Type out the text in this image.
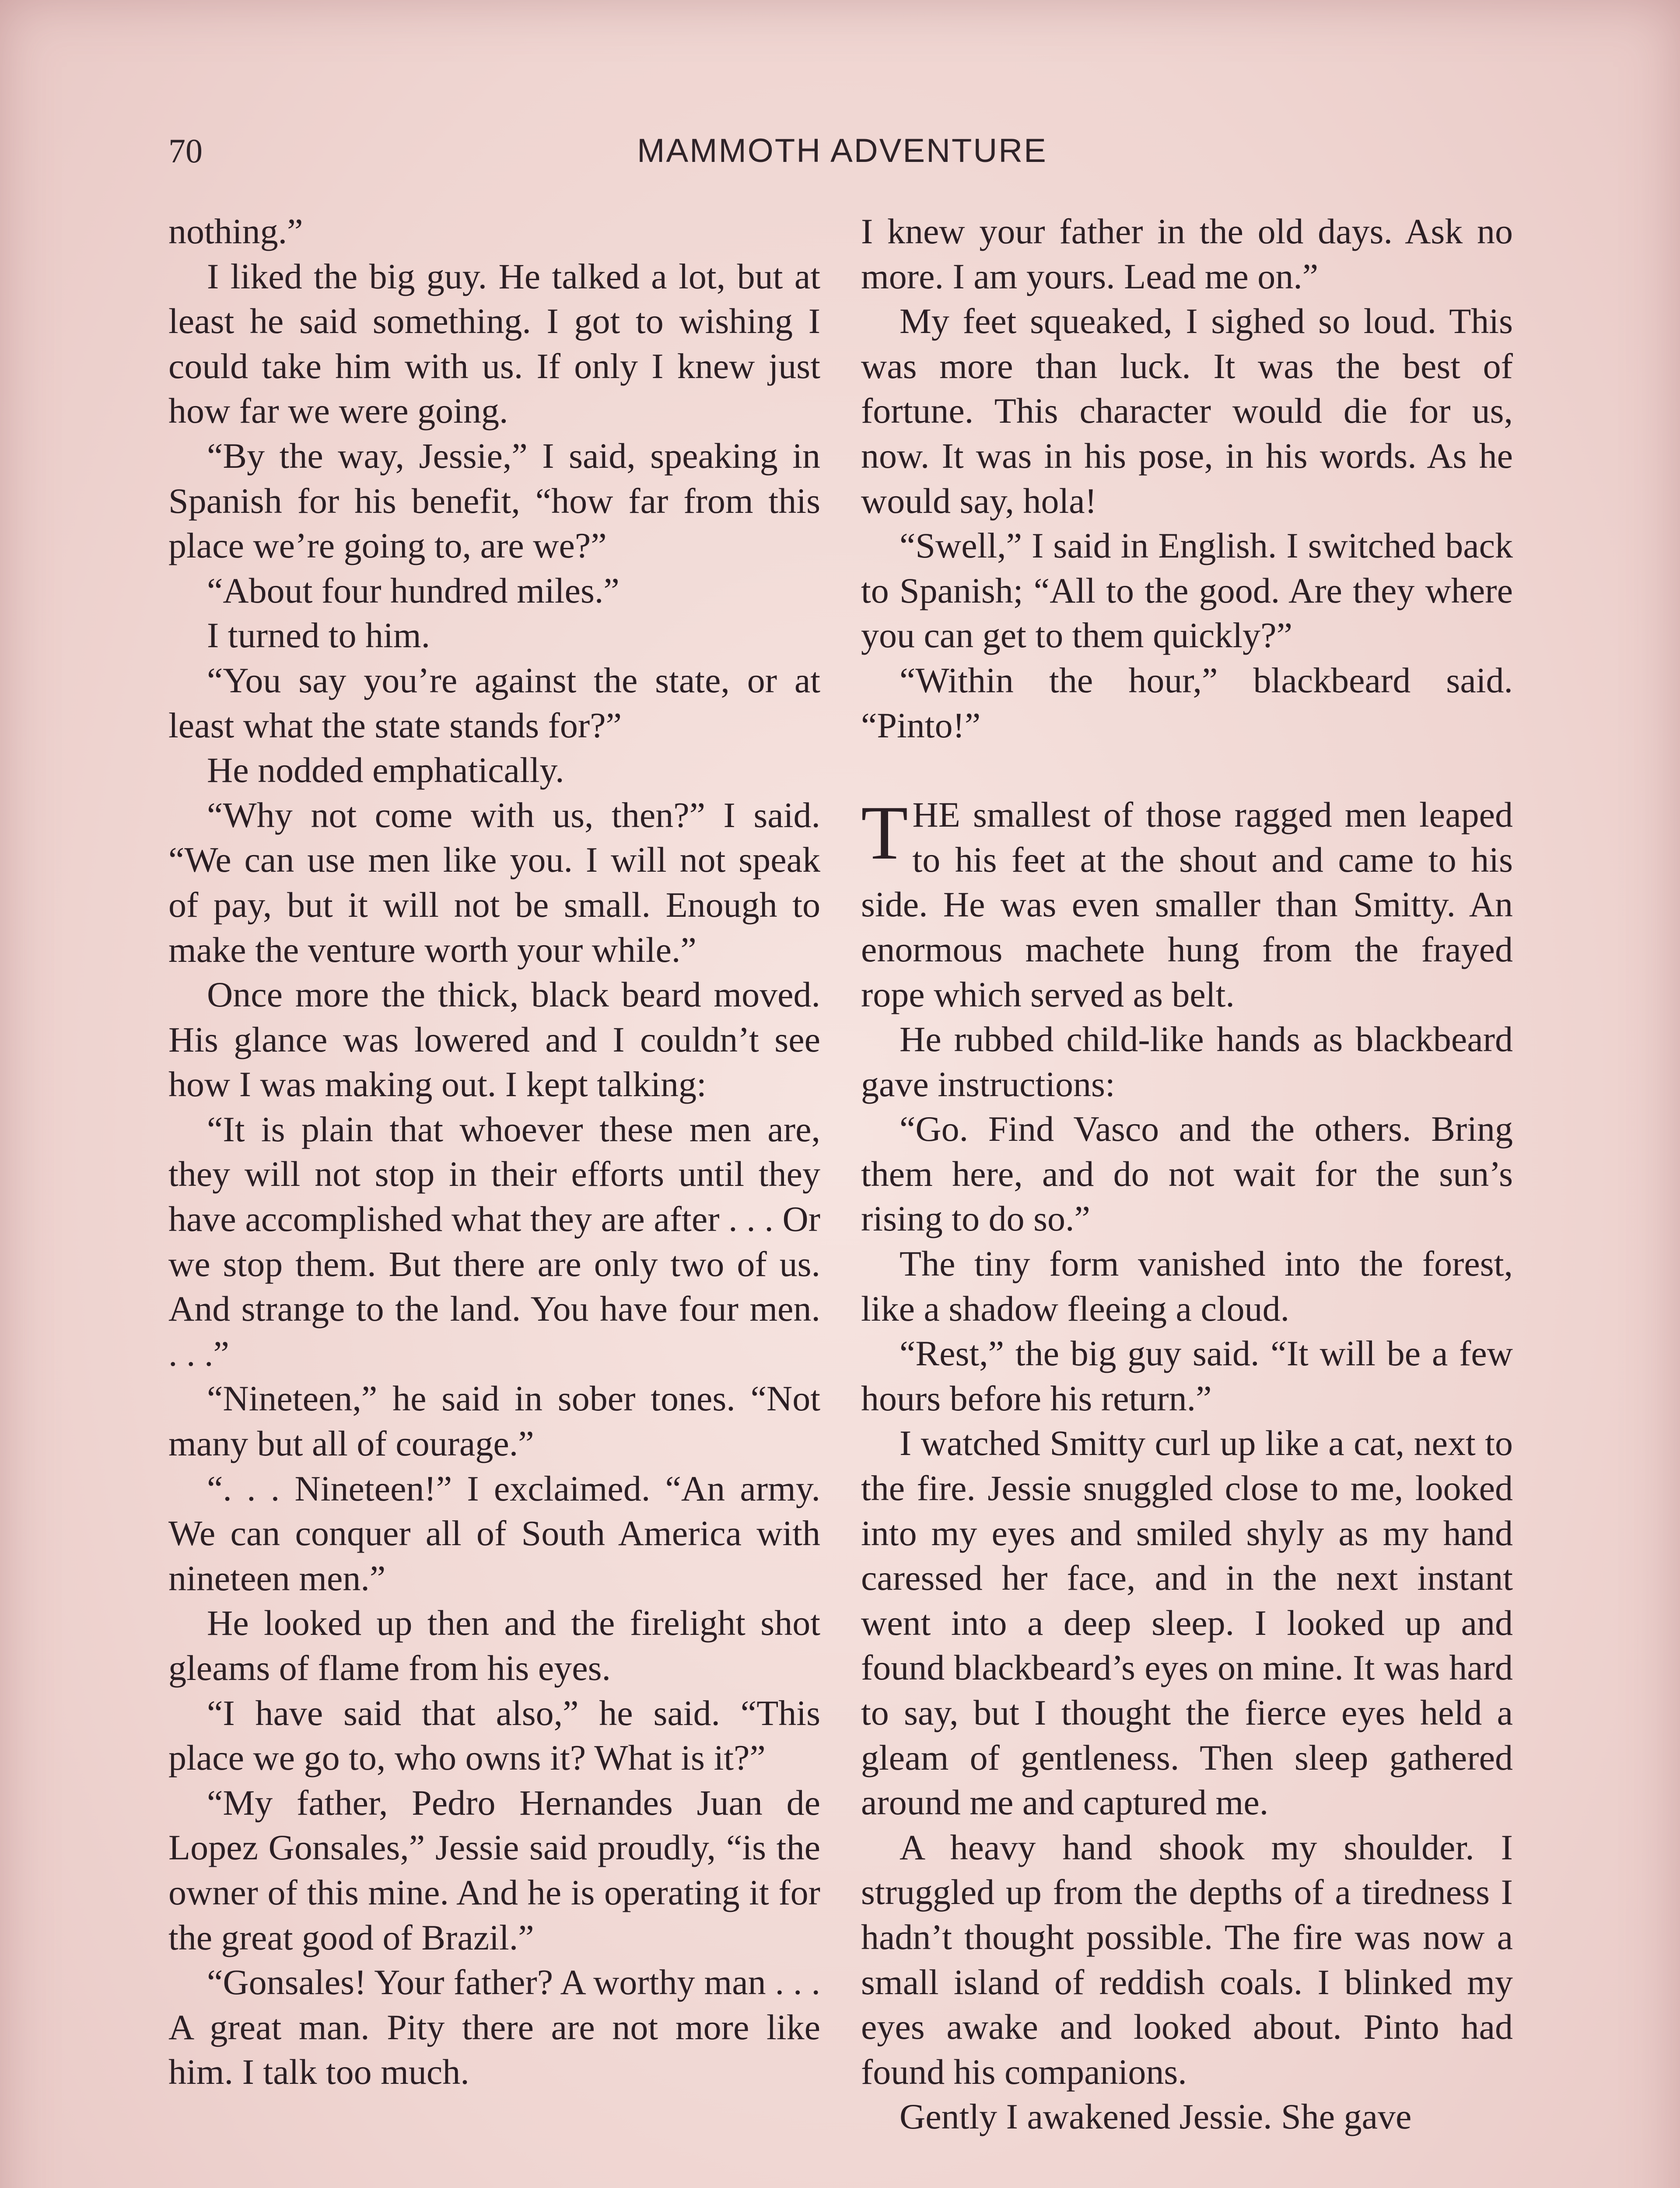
70	MAMMOTH ADVENTURE

nothing.”

I liked the big guy. He talked a lot, but at least he said something. I got to wishing I could take him with us. If only I knew just how far we were going.

“By the way, Jessie,” I said, speaking in Spanish for his benefit, “how far from this place we’re going to, are we?”

“About four hundred miles.”

I turned to him.

“You say you’re against the state, or at least what the state stands for?”

He nodded emphatically.

“Why not come with us, then?” I said. “We can use men like you. I will not speak of pay, but it will not be small. Enough to make the venture worth your while.”

Once more the thick, black beard moved. His glance was lowered and I couldn’t see how I was making out. I kept talking:

“It is plain that whoever these men are, they will not stop in their efforts until they have accomplished what they are after . . . Or we stop them. But there are only two of us. And strange to the land. You have four men. . . .”

“Nineteen,” he said in sober tones. “Not many but all of courage.”

“. . . Nineteen!” I exclaimed. “An army. We can conquer all of South America with nineteen men.”

He looked up then and the firelight shot gleams of flame from his eyes.

“I have said that also,” he said. “This place we go to, who owns it? What is it?”

“My father, Pedro Hernandes Juan de Lopez Gonsales,” Jessie said proudly, “is the owner of this mine. And he is operating it for the great good of Brazil.”

“Gonsales! Your father? A worthy man . . . A great man. Pity there are not more like him. I talk too much.

I knew your father in the old days. Ask no more. I am yours. Lead me on.”

My feet squeaked, I sighed so loud. This was more than luck. It was the best of fortune. This character would die for us, now. It was in his pose, in his words. As he would say, hola!

“Swell,” I said in English. I switched back to Spanish; “All to the good. Are they where you can get to them quickly?”

“Within the hour,” blackbeard said. “Pinto!”

THE smallest of those ragged men leaped to his feet at the shout and came to his side. He was even smaller than Smitty. An enormous machete hung from the frayed rope which served as belt.

He rubbed child-like hands as blackbeard gave instructions:

“Go. Find Vasco and the others. Bring them here, and do not wait for the sun’s rising to do so.”

The tiny form vanished into the forest, like a shadow fleeing a cloud.

“Rest,” the big guy said. “It will be a few hours before his return.”

I watched Smitty curl up like a cat, next to the fire. Jessie snuggled close to me, looked into my eyes and smiled shyly as my hand caressed her face, and in the next instant went into a deep sleep. I looked up and found blackbeard’s eyes on mine. It was hard to say, but I thought the fierce eyes held a gleam of gentleness. Then sleep gathered around me and captured me.

A heavy hand shook my shoulder. I struggled up from the depths of a tiredness I hadn’t thought possible. The fire was now a small island of reddish coals. I blinked my eyes awake and looked about. Pinto had found his companions.

Gently I awakened Jessie. She gave
